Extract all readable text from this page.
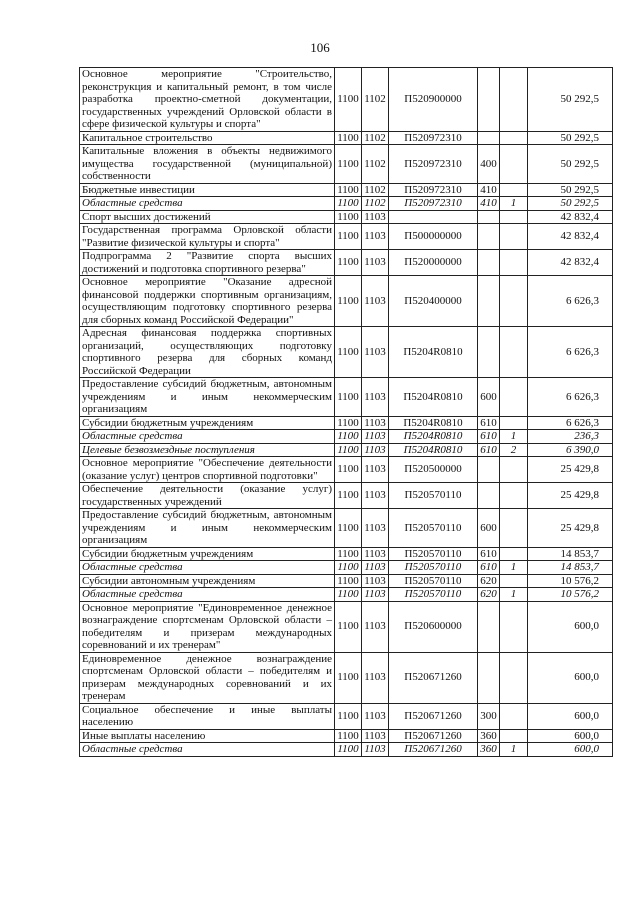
106
Основное мероприятие "Строительство, реконструкция и капитальный ремонт, в том числе разработка проектно-сметной документации, государственных учреждений Орловской области в сфере физической культуры и спорта"	1100	1102	П520900000			50 292,5
Капитальное строительство	1100	1102	П520972310			50 292,5
Капитальные вложения в объекты недвижимого имущества государственной (муниципальной) собственности	1100	1102	П520972310	400		50 292,5
Бюджетные инвестиции	1100	1102	П520972310	410		50 292,5
Областные средства	1100	1102	П520972310	410	1	50 292,5
Спорт высших достижений	1100	1103				42 832,4
Государственная программа Орловской области "Развитие физической культуры и спорта"	1100	1103	П500000000			42 832,4
Подпрограмма 2 "Развитие спорта высших достижений и подготовка спортивного резерва"	1100	1103	П520000000			42 832,4
Основное мероприятие "Оказание адресной финансовой поддержки спортивным организациям, осуществляющим подготовку спортивного резерва для сборных команд Российской Федерации"	1100	1103	П520400000			6 626,3
Адресная финансовая поддержка спортивных организаций, осуществляющих подготовку спортивного резерва для сборных команд Российской Федерации	1100	1103	П5204R0810			6 626,3
Предоставление субсидий бюджетным, автономным учреждениям и иным некоммерческим организациям	1100	1103	П5204R0810	600		6 626,3
Субсидии бюджетным учреждениям	1100	1103	П5204R0810	610		6 626,3
Областные средства	1100	1103	П5204R0810	610	1	236,3
Целевые безвозмездные поступления	1100	1103	П5204R0810	610	2	6 390,0
Основное мероприятие "Обеспечение деятельности (оказание услуг) центров спортивной подготовки"	1100	1103	П520500000			25 429,8
Обеспечение деятельности (оказание услуг) государственных учреждений	1100	1103	П520570110			25 429,8
Предоставление субсидий бюджетным, автономным учреждениям и иным некоммерческим организациям	1100	1103	П520570110	600		25 429,8
Субсидии бюджетным учреждениям	1100	1103	П520570110	610		14 853,7
Областные средства	1100	1103	П520570110	610	1	14 853,7
Субсидии автономным учреждениям	1100	1103	П520570110	620		10 576,2
Областные средства	1100	1103	П520570110	620	1	10 576,2
Основное мероприятие "Единовременное денежное вознаграждение спортсменам Орловской области – победителям и призерам международных соревнований и их тренерам"	1100	1103	П520600000			600,0
Единовременное денежное вознаграждение спортсменам Орловской области – победителям и призерам международных соревнований и их тренерам	1100	1103	П520671260			600,0
Социальное обеспечение и иные выплаты населению	1100	1103	П520671260	300		600,0
Иные выплаты населению	1100	1103	П520671260	360		600,0
Областные средства	1100	1103	П520671260	360	1	600,0
